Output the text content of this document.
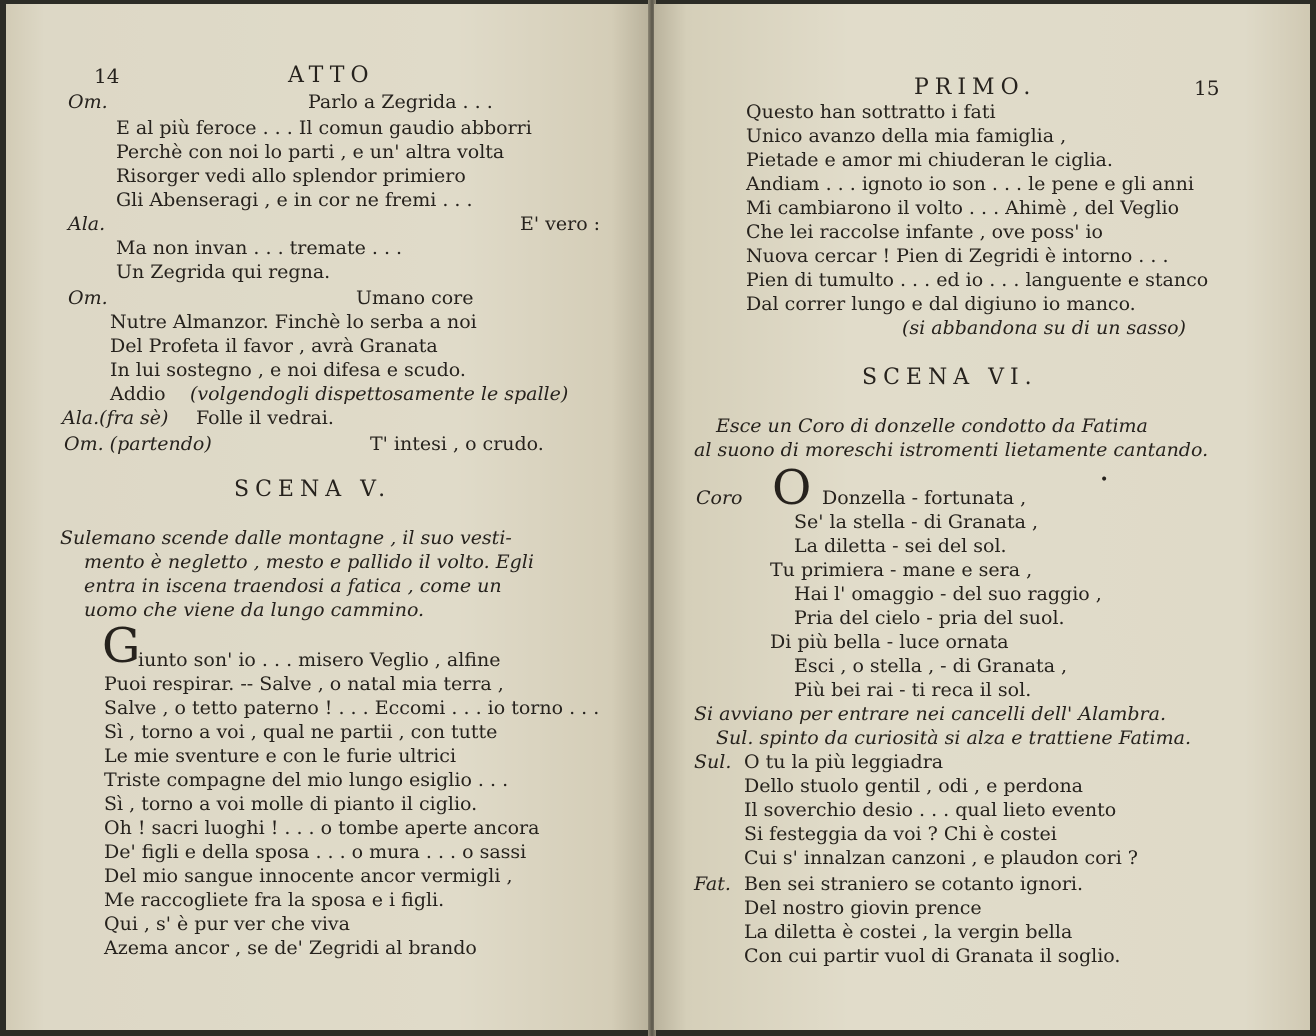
14	ATTO
Om.	Parlo a Zegrida . . .
E al più feroce . . . Il comun gaudio abborri
Perchè con noi lo parti , e un' altra volta
Risorger vedi allo splendor primiero
Gli Abenseragi , e in cor ne fremi . . .
Ala.	E' vero :
Ma non invan . . . tremate . . .
Un Zegrida qui regna.
Om.	Umano core
Nutre Almanzor. Finchè lo serba a noi
Del Profeta il favor , avrà Granata
In lui sostegno , e noi difesa e scudo.
Addio (volgendogli dispettosamente le spalle)
Ala.(fra sè) Folle il vedrai.
Om. (partendo)	T' intesi , o crudo.
SCENA V.
Sulemano scende dalle montagne , il suo vesti-
mento è negletto , mesto e pallido il volto. Egli
entra in iscena traendosi a fatica , come un
uomo che viene da lungo cammino.
G
iunto son' io . . . misero Veglio , alfine
Puoi respirar. -- Salve , o natal mia terra ,
Salve , o tetto paterno ! . . . Eccomi . . . io torno . . .
Sì , torno a voi , qual ne partii , con tutte
Le mie sventure e con le furie ultrici
Triste compagne del mio lungo esiglio . . .
Sì , torno a voi molle di pianto il ciglio.
Oh ! sacri luoghi ! . . . o tombe aperte ancora
De' figli e della sposa . . . o mura . . . o sassi
Del mio sangue innocente ancor vermigli ,
Me raccogliete fra la sposa e i figli.
Qui , s' è pur ver che viva
Azema ancor , se de' Zegridi al brando
PRIMO.	15
Questo han sottratto i fati
Unico avanzo della mia famiglia ,
Pietade e amor mi chiuderan le ciglia.
Andiam . . . ignoto io son . . . le pene e gli anni
Mi cambiarono il volto . . . Ahimè , del Veglio
Che lei raccolse infante , ove poss' io
Nuova cercar ! Pien di Zegridi è intorno . . .
Pien di tumulto . . . ed io . . . languente e stanco
Dal correr lungo e dal digiuno io manco.
(si abbandona su di un sasso)
SCENA VI.
Esce un Coro di donzelle condotto da Fatima
al suono di moreschi istromenti lietamente cantando.
•
Coro O Donzella - fortunata ,
Se' la stella - di Granata ,
La diletta - sei del sol.
Tu primiera - mane e sera ,
Hai l' omaggio - del suo raggio ,
Pria del cielo - pria del suol.
Di più bella - luce ornata
Esci , o stella , - di Granata ,
Più bei rai - ti reca il sol.
Si avviano per entrare nei cancelli dell' Alambra.
Sul. spinto da curiosità si alza e trattiene Fatima.
Sul. O tu la più leggiadra
Dello stuolo gentil , odi , e perdona
Il soverchio desio . . . qual lieto evento
Si festeggia da voi ? Chi è costei
Cui s' innalzan canzoni , e plaudon cori ?
Fat. Ben sei straniero se cotanto ignori.
Del nostro giovin prence
La diletta è costei , la vergin bella
Con cui partir vuol di Granata il soglio.
